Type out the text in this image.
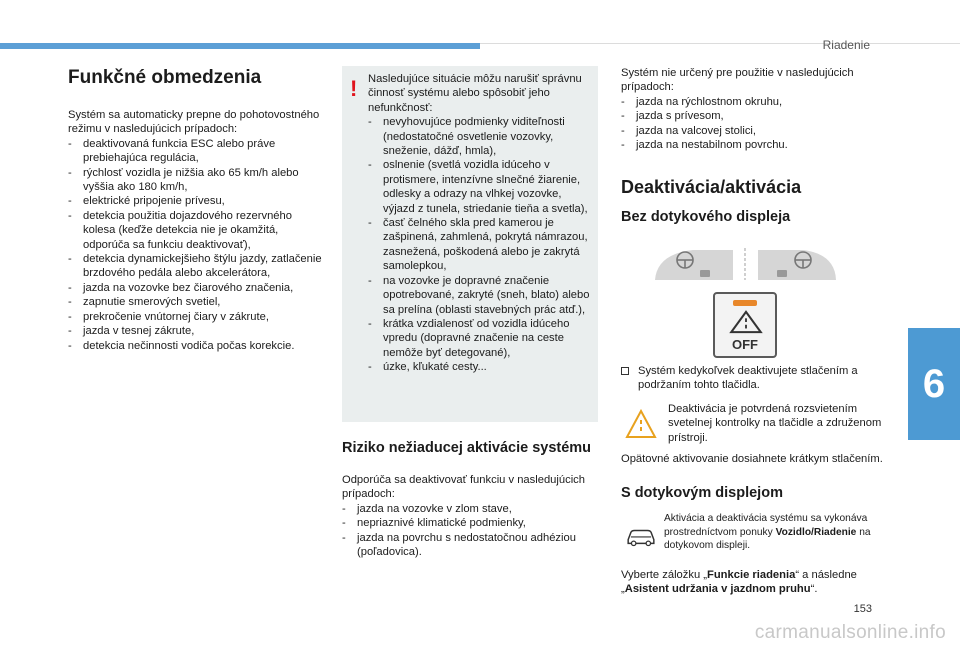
Riadenie
6
153
carmanualsonline.info
Funkčné obmedzenia

Systém sa automaticky prepne do pohotovostného režimu v nasledujúcich prípadoch:

- deaktivovaná funkcia ESC alebo práve prebiehajúca regulácia,
- rýchlosť vozidla je nižšia ako 65 km/h alebo vyššia ako 180 km/h,
- elektrické pripojenie prívesu,
- detekcia použitia dojazdového rezervného kolesa (keďže detekcia nie je okamžitá, odporúča sa funkciu deaktivovať),
- detekcia dynamickejšieho štýlu jazdy, zatlačenie brzdového pedála alebo akcelerátora,
- jazda na vozovke bez čiarového značenia,
- zapnutie smerových svetiel,
- prekročenie vnútornej čiary v zákrute,
- jazda v tesnej zákrute,
- detekcia nečinnosti vodiča počas korekcie.
! Nasledujúce situácie môžu narušiť správnu činnosť systému alebo spôsobiť jeho nefunkčnosť:

- nevyhovujúce podmienky viditeľnosti (nedostatočné osvetlenie vozovky, sneženie, dážď, hmla),
- oslnenie (svetlá vozidla idúceho v protismere, intenzívne slnečné žiarenie, odlesky a odrazy na vlhkej vozovke, výjazd z tunela, striedanie tieňa a svetla),
- časť čelného skla pred kamerou je zašpinená, zahmlená, pokrytá námrazou, zasnežená, poškodená alebo je zakrytá samolepkou,
- na vozovke je dopravné značenie opotrebované, zakryté (sneh, blato) alebo sa prelína (oblasti stavebných prác atď.),
- krátka vzdialenosť od vozidla idúceho vpredu (dopravné značenie na ceste nemôže byť detegované),
- úzke, kľukaté cesty...
Riziko nežiaducej aktivácie systému

Odporúča sa deaktivovať funkciu v nasledujúcich prípadoch:

- jazda na vozovke v zlom stave,
- nepriaznivé klimatické podmienky,
- jazda na povrchu s nedostatočnou adhéziou (poľadovica).

Systém nie určený pre použitie v nasledujúcich prípadoch:

- jazda na rýchlostnom okruhu,
- jazda s prívesom,
- jazda na valcovej stolici,
- jazda na nestabilnom povrchu.
Deaktivácia/aktivácia
Bez dotykového displeja
OFF

Systém kedykoľvek deaktivujete stlačením a podržaním tohto tlačidla.

Deaktivácia je potvrdená rozsvietením svetelnej kontrolky na tlačidle a združenom prístroji.

Opätovné aktivovanie dosiahnete krátkym stlačením.

S dotykovým displejom
Aktivácia a deaktivácia systému sa vykonáva prostredníctvom ponuky Vozidlo/Riadenie na dotykovom displeji.
Vyberte záložku „Funkcie riadenia“ a následne „Asistent udržania v jazdnom pruhu“.
